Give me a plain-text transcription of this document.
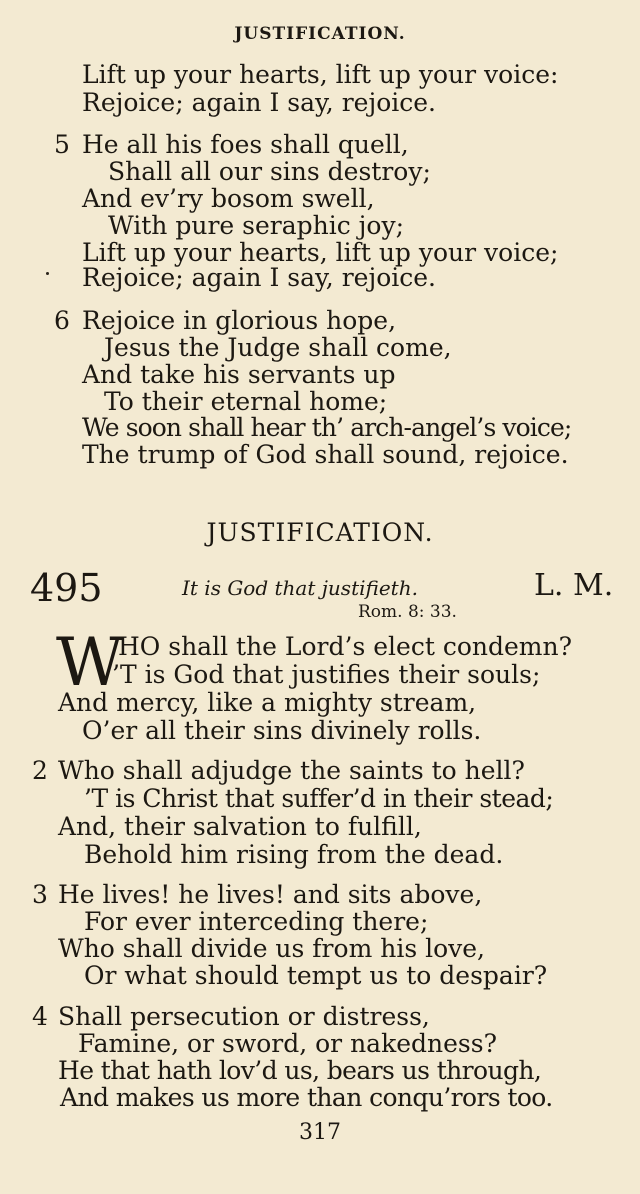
JUSTIFICATION.
Lift up your hearts, lift up your voice:
Rejoice; again I say, rejoice.
5 He all his foes shall quell,
Shall all our sins destroy;
And ev’ry bosom swell,
With pure seraphic joy;
Lift up your hearts, lift up your voice;
Rejoice; again I say, rejoice.
6 Rejoice in glorious hope,
Jesus the Judge shall come,
And take his servants up
To their eternal home;
We soon shall hear th’ arch-angel’s voice;
The trump of God shall sound, rejoice.
JUSTIFICATION.
495	It is God that justifieth.	L. M.
Rom. 8: 33.
W
HO shall the Lord’s elect condemn?
’T is God that justifies their souls;
And mercy, like a mighty stream,
O’er all their sins divinely rolls.
2 Who shall adjudge the saints to hell?
’T is Christ that suffer’d in their stead;
And, their salvation to fulfill,
Behold him rising from the dead.
3 He lives! he lives! and sits above,
For ever interceding there;
Who shall divide us from his love,
Or what should tempt us to despair?
4 Shall persecution or distress,
Famine, or sword, or nakedness?
He that hath lov’d us, bears us through,
And makes us more than conqu’rors too.
317
